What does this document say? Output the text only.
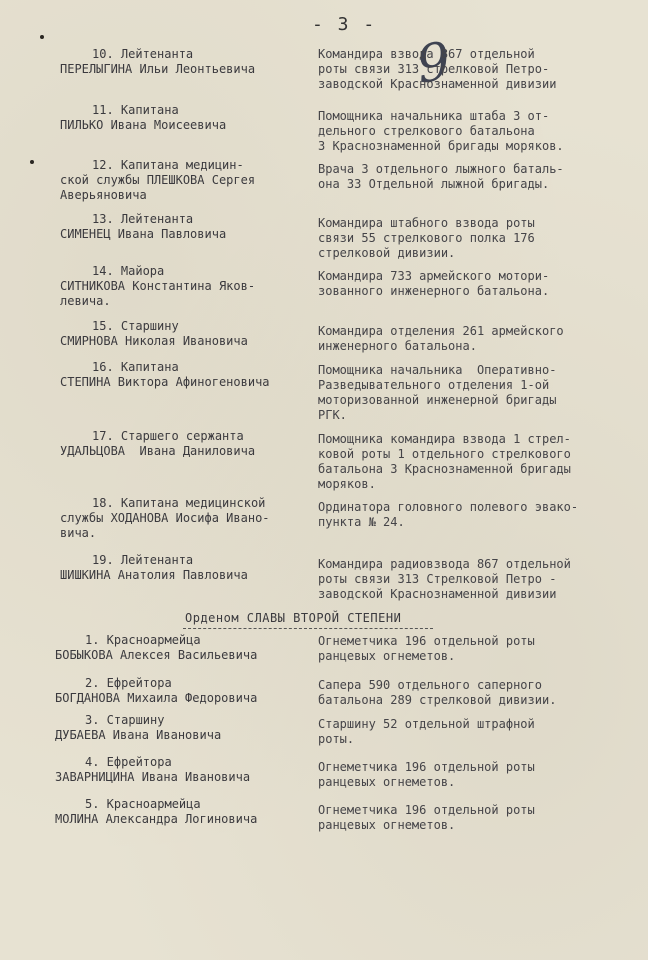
- 3 -
9
10. Лейтенанта
ПЕРЕЛЫГИНА Ильи Леонтьевича
Командира взвода 867 отдельной
роты связи 313 стрелковой Петро-
заводской Краснознаменной дивизии
11. Капитана
ПИЛЬКО Ивана Моисеевича
Помощника начальника штаба 3 от-
дельного стрелкового батальона
3 Краснознаменной бригады моряков.
12. Капитана медицин-
ской службы ПЛЕШКОВА Сергея
Аверьяновича
Врача 3 отдельного лыжного баталь-
она 33 Отдельной лыжной бригады.
13. Лейтенанта
СИМЕНЕЦ Ивана Павловича
Командира штабного взвода роты
связи 55 стрелкового полка 176
стрелковой дивизии.
14. Майора
СИТНИКОВА Константина Яков-
левича.
Командира 733 армейского мотори-
зованного инженерного батальона.
15. Старшину
СМИРНОВА Николая Ивановича
Командира отделения 261 армейского
инженерного батальона.
16. Капитана
СТЕПИНА Виктора Афиногеновича
Помощника начальника  Оперативно-
Разведывательного отделения 1-ой
моторизованной инженерной бригады
РГК.
17. Старшего сержанта
УДАЛЬЦОВА  Ивана Даниловича
Помощника командира взвода 1 стрел-
ковой роты 1 отдельного стрелкового
батальона 3 Краснознаменной бригады
моряков.
18. Капитана медицинской
службы ХОДАНОВА Иосифа Ивано-
вича.
Ординатора головного полевого эвако-
пункта № 24.
19. Лейтенанта
ШИШКИНА Анатолия Павловича
Командира радиовзвода 867 отдельной
роты связи 313 Стрелковой Петро -
заводской Краснознаменной дивизии
Орденом СЛАВЫ ВТОРОЙ СТЕПЕНИ
1. Красноармейца
БОБЫКОВА Алексея Васильевича
Огнеметчика 196 отдельной роты
ранцевых огнеметов.
2. Ефрейтора
БОГДАНОВА Михаила Федоровича
Сапера 590 отдельного саперного
батальона 289 стрелковой дивизии.
3. Старшину
ДУБАЕВА Ивана Ивановича
Старшину 52 отдельной штрафной
роты.
4. Ефрейтора
ЗАВАРНИЦИНА Ивана Ивановича
Огнеметчика 196 отдельной роты
ранцевых огнеметов.
5. Красноармейца
МОЛИНА Александра Логиновича
Огнеметчика 196 отдельной роты
ранцевых огнеметов.
